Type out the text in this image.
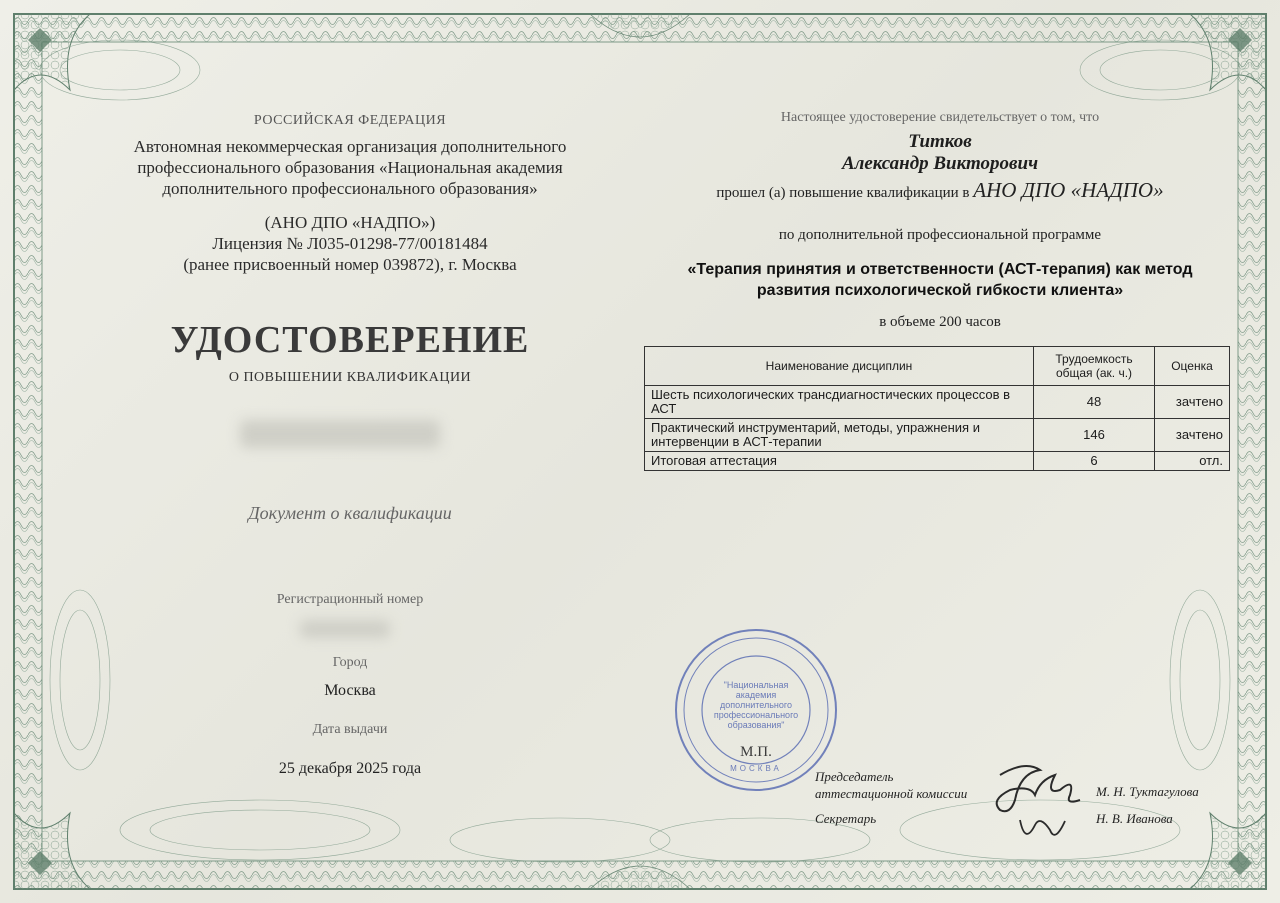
РОССИЙСКАЯ ФЕДЕРАЦИЯ
Автономная некоммерческая организация дополнительного
профессионального образования «Национальная академия
дополнительного профессионального образования»
(АНО ДПО «НАДПО»)
Лицензия № Л035-01298-77/00181484
(ранее присвоенный номер 039872), г. Москва
УДОСТОВЕРЕНИЕ
О ПОВЫШЕНИИ КВАЛИФИКАЦИИ
Документ о квалификации
Регистрационный номер
Город
Москва
Дата выдачи
25 декабря 2025 года
Настоящее удостоверение свидетельствует о том, что
Титков
Александр Викторович
прошел (а) повышение квалификации в АНО ДПО «НАДПО»
по дополнительной профессиональной программе
«Терапия принятия и ответственности (АСТ-терапия) как метод
развития психологической гибкости клиента»
в объеме 200 часов
Наименование дисциплин	Трудоемкость общая (ак. ч.)	Оценка
Шесть психологических трансдиагностических процессов в АСТ	48	зачтено
Практический инструментарий, методы, упражнения и интервенции в АСТ-терапии	146	зачтено
Итоговая аттестация	6	отл.
"Национальная
академия
дополнительного
профессионального
образования"
МОСКВА
М.П.
Председатель
аттестационной комиссии	М. Н. Туктагулова
Секретарь	Н. В. Иванова
